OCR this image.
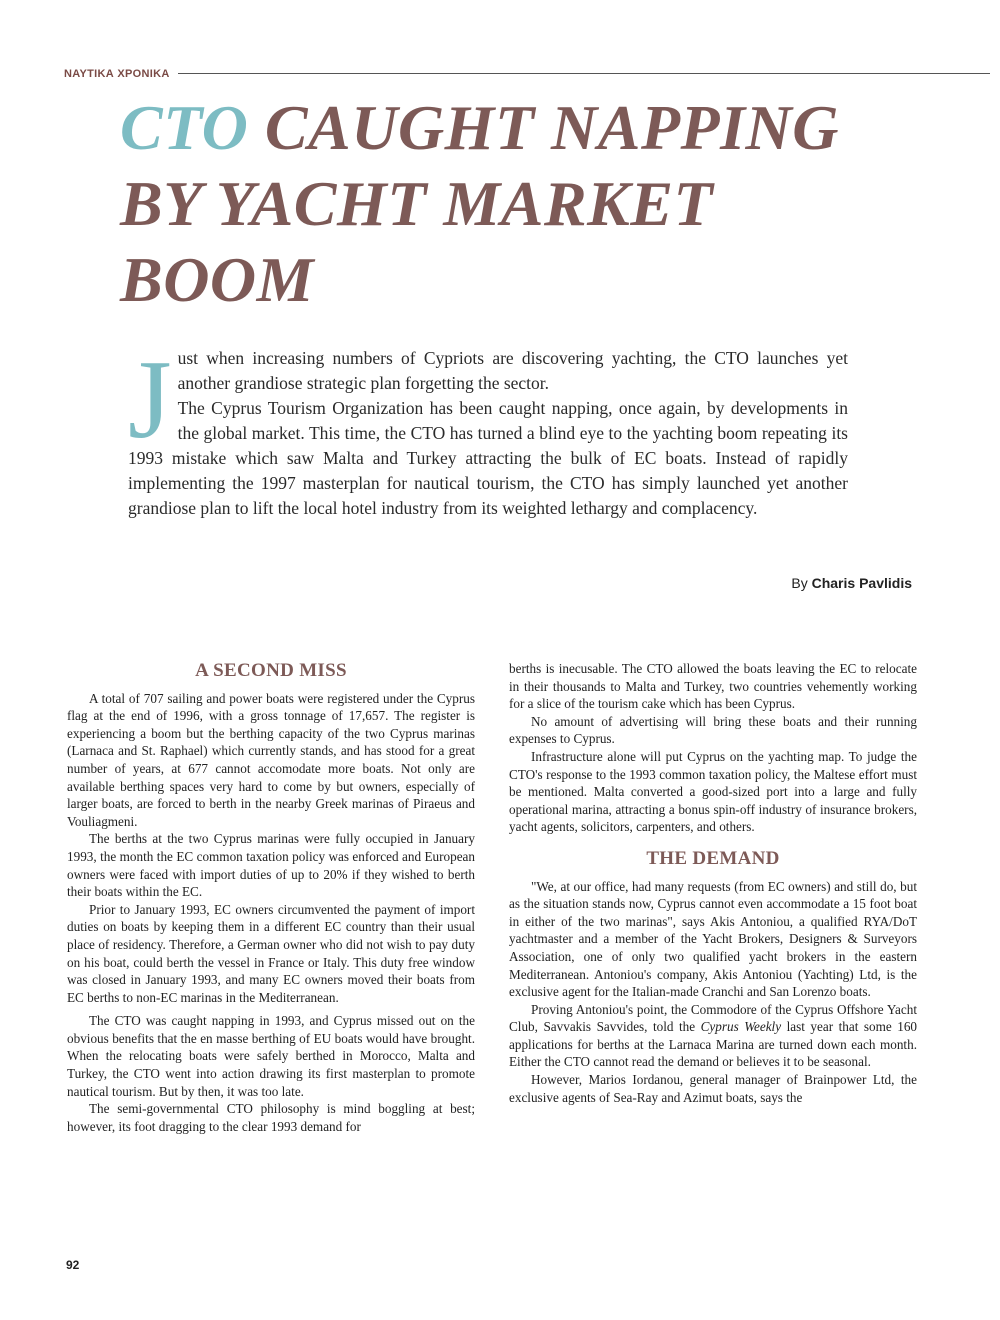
ΝΑΥΤΙΚΑ ΧΡΟΝΙΚΑ
CTO CAUGHT NAPPING
BY YACHT MARKET BOOM
J ust when increasing numbers of Cypriots are discovering yachting, the CTO launches yet another grandiose strategic plan forgetting the sector.

The Cyprus Tourism Organization has been caught napping, once again, by developments in the global market. This time, the CTO has turned a blind eye to the yachting boom repeating its 1993 mistake which saw Malta and Turkey attracting the bulk of EC boats. Instead of rapidly implementing the 1997 masterplan for nautical tourism, the CTO has simply launched yet another grandiose plan to lift the local hotel industry from its weighted lethargy and complacency.

By Charis Pavlidis
A SECOND MISS

A total of 707 sailing and power boats were registered under the Cyprus flag at the end of 1996, with a gross tonnage of 17,657. The register is experiencing a boom but the berthing capacity of the two Cyprus marinas (Larnaca and St. Raphael) which currently stands, and has stood for a great number of years, at 677 cannot accomodate more boats. Not only are available berthing spaces very hard to come by but owners, especially of larger boats, are forced to berth in the nearby Greek marinas of Piraeus and Vouliagmeni.

The berths at the two Cyprus marinas were fully occupied in January 1993, the month the EC common taxation policy was enforced and European owners were faced with import duties of up to 20% if they wished to berth their boats within the EC.

Prior to January 1993, EC owners circumvented the payment of import duties on boats by keeping them in a different EC country than their usual place of residency. Therefore, a German owner who did not wish to pay duty on his boat, could berth the vessel in France or Italy. This duty free window was closed in January 1993, and many EC owners moved their boats from EC berths to non-EC marinas in the Mediterranean.

The CTO was caught napping in 1993, and Cyprus missed out on the obvious benefits that the en masse berthing of EU boats would have brought. When the relocating boats were safely berthed in Morocco, Malta and Turkey, the CTO went into action drawing its first masterplan to promote nautical tourism. But by then, it was too late.

The semi-governmental CTO philosophy is mind boggling at best; however, its foot dragging to the clear 1993 demand for

berths is inecusable. The CTO allowed the boats leaving the EC to relocate in their thousands to Malta and Turkey, two countries vehemently working for a slice of the tourism cake which has been Cyprus.

No amount of advertising will bring these boats and their running expenses to Cyprus.

Infrastructure alone will put Cyprus on the yachting map. To judge the CTO's response to the 1993 common taxation policy, the Maltese effort must be mentioned. Malta converted a good-sized port into a large and fully operational marina, attracting a bonus spin-off industry of insurance brokers, yacht agents, solicitors, carpenters, and others.

THE DEMAND

"We, at our office, had many requests (from EC owners) and still do, but as the situation stands now, Cyprus cannot even accommodate a 15 foot boat in either of the two marinas", says Akis Antoniou, a qualified RYA/DoT yachtmaster and a member of the Yacht Brokers, Designers & Surveyors Association, one of only two qualified yacht brokers in the eastern Mediterranean. Antoniou's company, Akis Antoniou (Yachting) Ltd, is the exclusive agent for the Italian-made Cranchi and San Lorenzo boats.

Proving Antoniou's point, the Commodore of the Cyprus Offshore Yacht Club, Savvakis Savvides, told the Cyprus Weekly last year that some 160 applications for berths at the Larnaca Marina are turned down each month. Either the CTO cannot read the demand or believes it to be seasonal.

However, Marios Iordanou, general manager of Brainpower Ltd, the exclusive agents of Sea-Ray and Azimut boats, says the

92
